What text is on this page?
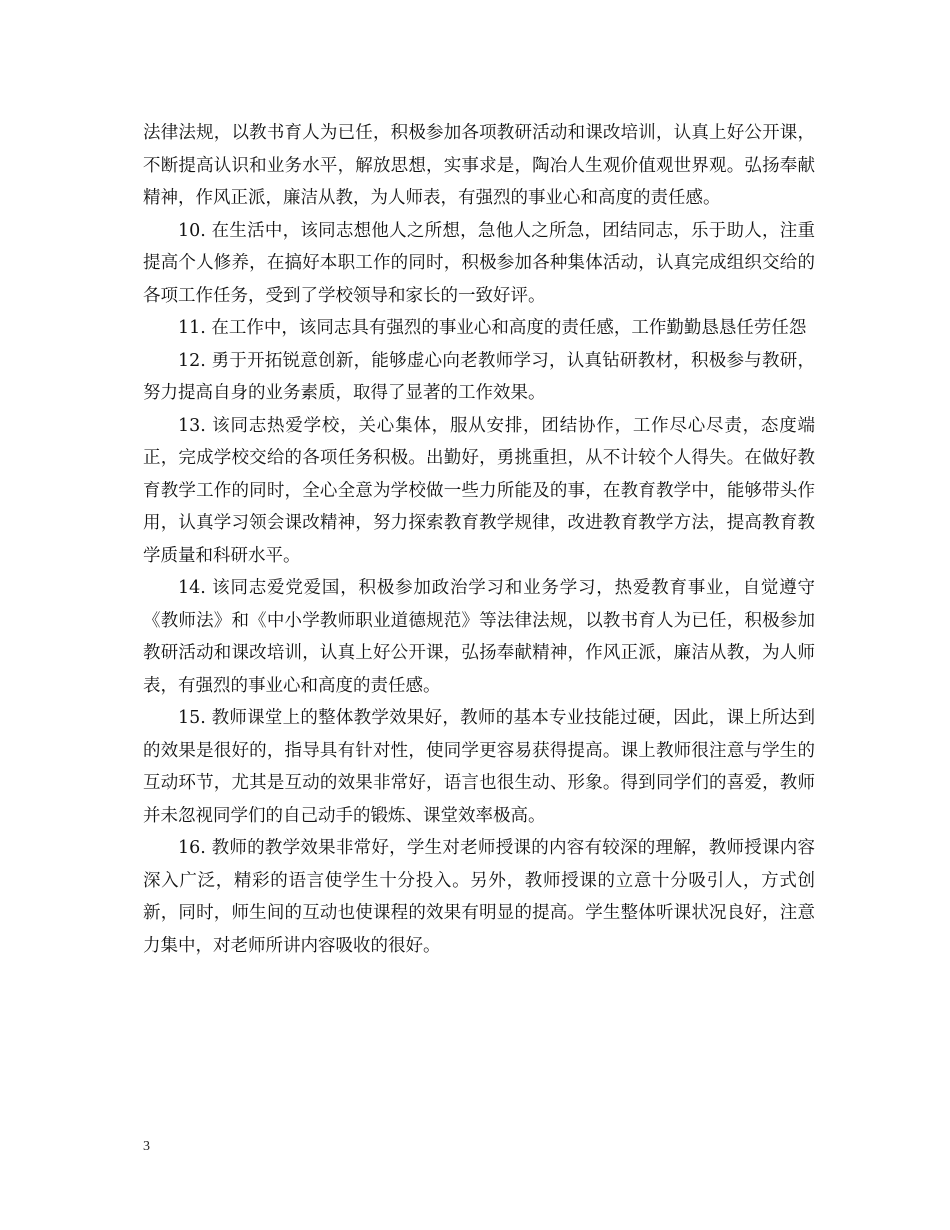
法律法规，以教书育人为已任，积极参加各项教研活动和课改培训，认真上好公开课，不断提高认识和业务水平，解放思想，实事求是，陶冶人生观价值观世界观。弘扬奉献精神，作风正派，廉洁从教，为人师表，有强烈的事业心和高度的责任感。

10. 在生活中，该同志想他人之所想，急他人之所急，团结同志，乐于助人，注重提高个人修养，在搞好本职工作的同时，积极参加各种集体活动，认真完成组织交给的各项工作任务，受到了学校领导和家长的一致好评。

11. 在工作中，该同志具有强烈的事业心和高度的责任感，工作勤勤恳恳任劳任怨

12. 勇于开拓锐意创新，能够虚心向老教师学习，认真钻研教材，积极参与教研，努力提高自身的业务素质，取得了显著的工作效果。

13. 该同志热爱学校，关心集体，服从安排，团结协作，工作尽心尽责，态度端正，完成学校交给的各项任务积极。出勤好，勇挑重担，从不计较个人得失。在做好教育教学工作的同时，全心全意为学校做一些力所能及的事，在教育教学中，能够带头作用，认真学习领会课改精神，努力探索教育教学规律，改进教育教学方法，提高教育教学质量和科研水平。

14. 该同志爱党爱国，积极参加政治学习和业务学习，热爱教育事业，自觉遵守《教师法》和《中小学教师职业道德规范》等法律法规，以教书育人为已任，积极参加教研活动和课改培训，认真上好公开课，弘扬奉献精神，作风正派，廉洁从教，为人师表，有强烈的事业心和高度的责任感。

15. 教师课堂上的整体教学效果好，教师的基本专业技能过硬，因此，课上所达到的效果是很好的，指导具有针对性，使同学更容易获得提高。课上教师很注意与学生的互动环节，尤其是互动的效果非常好，语言也很生动、形象。得到同学们的喜爱，教师并未忽视同学们的自己动手的锻炼、课堂效率极高。

16. 教师的教学效果非常好，学生对老师授课的内容有较深的理解，教师授课内容深入广泛，精彩的语言使学生十分投入。另外，教师授课的立意十分吸引人，方式创新，同时，师生间的互动也使课程的效果有明显的提高。学生整体听课状况良好，注意力集中，对老师所讲内容吸收的很好。

3
